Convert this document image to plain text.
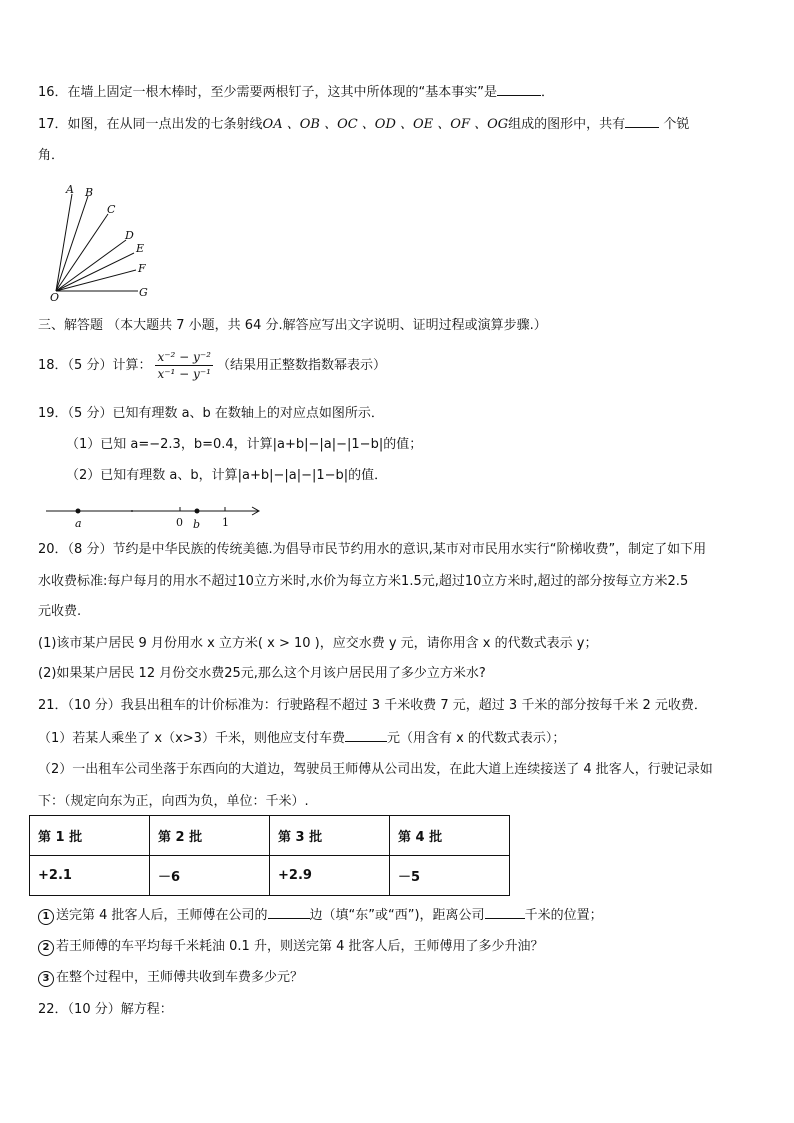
16．在墙上固定一根木棒时，至少需要两根钉子，这其中所体现的“基本事实”是	．
17．如图，在从同一点出发的七条射线OA 、OB 、OC 、OD 、OE 、OF 、OG组成的图形中，共有	个锐
角．
A B
C
D
E
F
G
O
三、解答题 （本大题共 7 小题，共 64 分.解答应写出文字说明、证明过程或演算步骤.）
18．（5 分）计算： $\frac{\text{x⁻² − y⁻²}}{\text{x⁻¹ − y⁻¹}}$ （结果用正整数指数幂表示）
19．（5 分）已知有理数 a、b 在数轴上的对应点如图所示．
（1）已知 a=−2.3，b=0.4，计算|a+b|−|a|−|1−b|的值；
（2）已知有理数 a、b，计算|a+b|−|a|−|1−b|的值．
a	0 b 1
20．（8 分）节约是中华民族的传统美德.为倡导市民节约用水的意识,某市对市民用水实行“阶梯收费”，制定了如下用
水收费标准:每户每月的用水不超过10立方米时,水价为每立方米1.5元,超过10立方米时,超过的部分按每立方米2.5
元收费.
(1)该市某户居民 9 月份用水 x 立方米( x > 10 )，应交水费 y 元，请你用含 x 的代数式表示 y；
(2)如果某户居民 12 月份交水费25元,那么这个月该户居民用了多少立方米水?
21．（10 分）我县出租车的计价标准为：行驶路程不超过 3 千米收费 7 元，超过 3 千米的部分按每千米 2 元收费．
（1）若某人乘坐了 x（x>3）千米，则他应支付车费	元（用含有 x 的代数式表示）；
（2）一出租车公司坐落于东西向的大道边，驾驶员王师傅从公司出发，在此大道上连续接送了 4 批客人，行驶记录如
下：（规定向东为正，向西为负，单位：千米）.
第 1 批	第 2 批	第 3 批	第 4 批
+2.1	－6	+2.9	－5
1 送完第 4 批客人后，王师傅在公司的	边（填“东”或“西”)，距离公司	千米的位置；
2 若王师傅的车平均每千米耗油 0.1 升，则送完第 4 批客人后，王师傅用了多少升油？
3 在整个过程中，王师傅共收到车费多少元？
22．（10 分）解方程：
